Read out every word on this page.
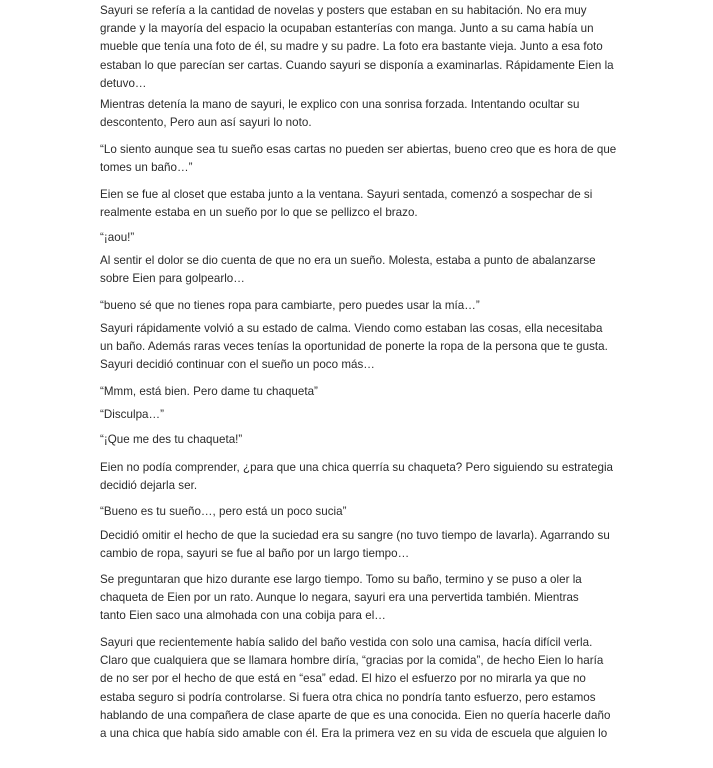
Sayuri se refería a la cantidad de novelas y posters que estaban en su habitación. No era muy
grande y la mayoría del espacio la ocupaban estanterías con manga. Junto a su cama había un
mueble que tenía una foto de él, su madre y su padre. La foto era bastante vieja. Junto a esa foto
estaban lo que parecían ser cartas. Cuando sayuri se disponía a examinarlas. Rápidamente Eien la
detuvo…
Mientras detenía la mano de sayuri, le explico con una sonrisa forzada. Intentando ocultar su
descontento, Pero aun así sayuri lo noto.
“Lo siento aunque sea tu sueño esas cartas no pueden ser abiertas, bueno creo que es hora de que
tomes un baño…”
Eien se fue al closet que estaba junto a la ventana. Sayuri sentada, comenzó a sospechar de si
realmente estaba en un sueño por lo que se pellizco el brazo.
“¡aou!”
Al sentir el dolor se dio cuenta de que no era un sueño. Molesta, estaba a punto de abalanzarse
sobre Eien para golpearlo…
“bueno sé que no tienes ropa para cambiarte, pero puedes usar la mía…”
Sayuri rápidamente volvió a su estado de calma. Viendo como estaban las cosas, ella necesitaba
un baño. Además raras veces tenías la oportunidad de ponerte la ropa de la persona que te gusta.
Sayuri decidió continuar con el sueño un poco más…
“Mmm, está bien. Pero dame tu chaqueta”
“Disculpa…”
“¡Que me des tu chaqueta!”
Eien no podía comprender, ¿para que una chica querría su chaqueta? Pero siguiendo su estrategia
decidió dejarla ser.
“Bueno es tu sueño…, pero está un poco sucia”
Decidió omitir el hecho de que la suciedad era su sangre (no tuvo tiempo de lavarla). Agarrando su
cambio de ropa, sayuri se fue al baño por un largo tiempo…
Se preguntaran que hizo durante ese largo tiempo. Tomo su baño, termino y se puso a oler la
chaqueta de Eien por un rato. Aunque lo negara, sayuri era una pervertida también. Mientras
tanto Eien saco una almohada con una cobija para el…
Sayuri que recientemente había salido del baño vestida con solo una camisa, hacía difícil verla.
Claro que cualquiera que se llamara hombre diría, “gracias por la comida”, de hecho Eien lo haría
de no ser por el hecho de que está en “esa” edad. El hizo el esfuerzo por no mirarla ya que no
estaba seguro si podría controlarse. Si fuera otra chica no pondría tanto esfuerzo, pero estamos
hablando de una compañera de clase aparte de que es una conocida. Eien no quería hacerle daño
a una chica que había sido amable con él. Era la primera vez en su vida de escuela que alguien lo
